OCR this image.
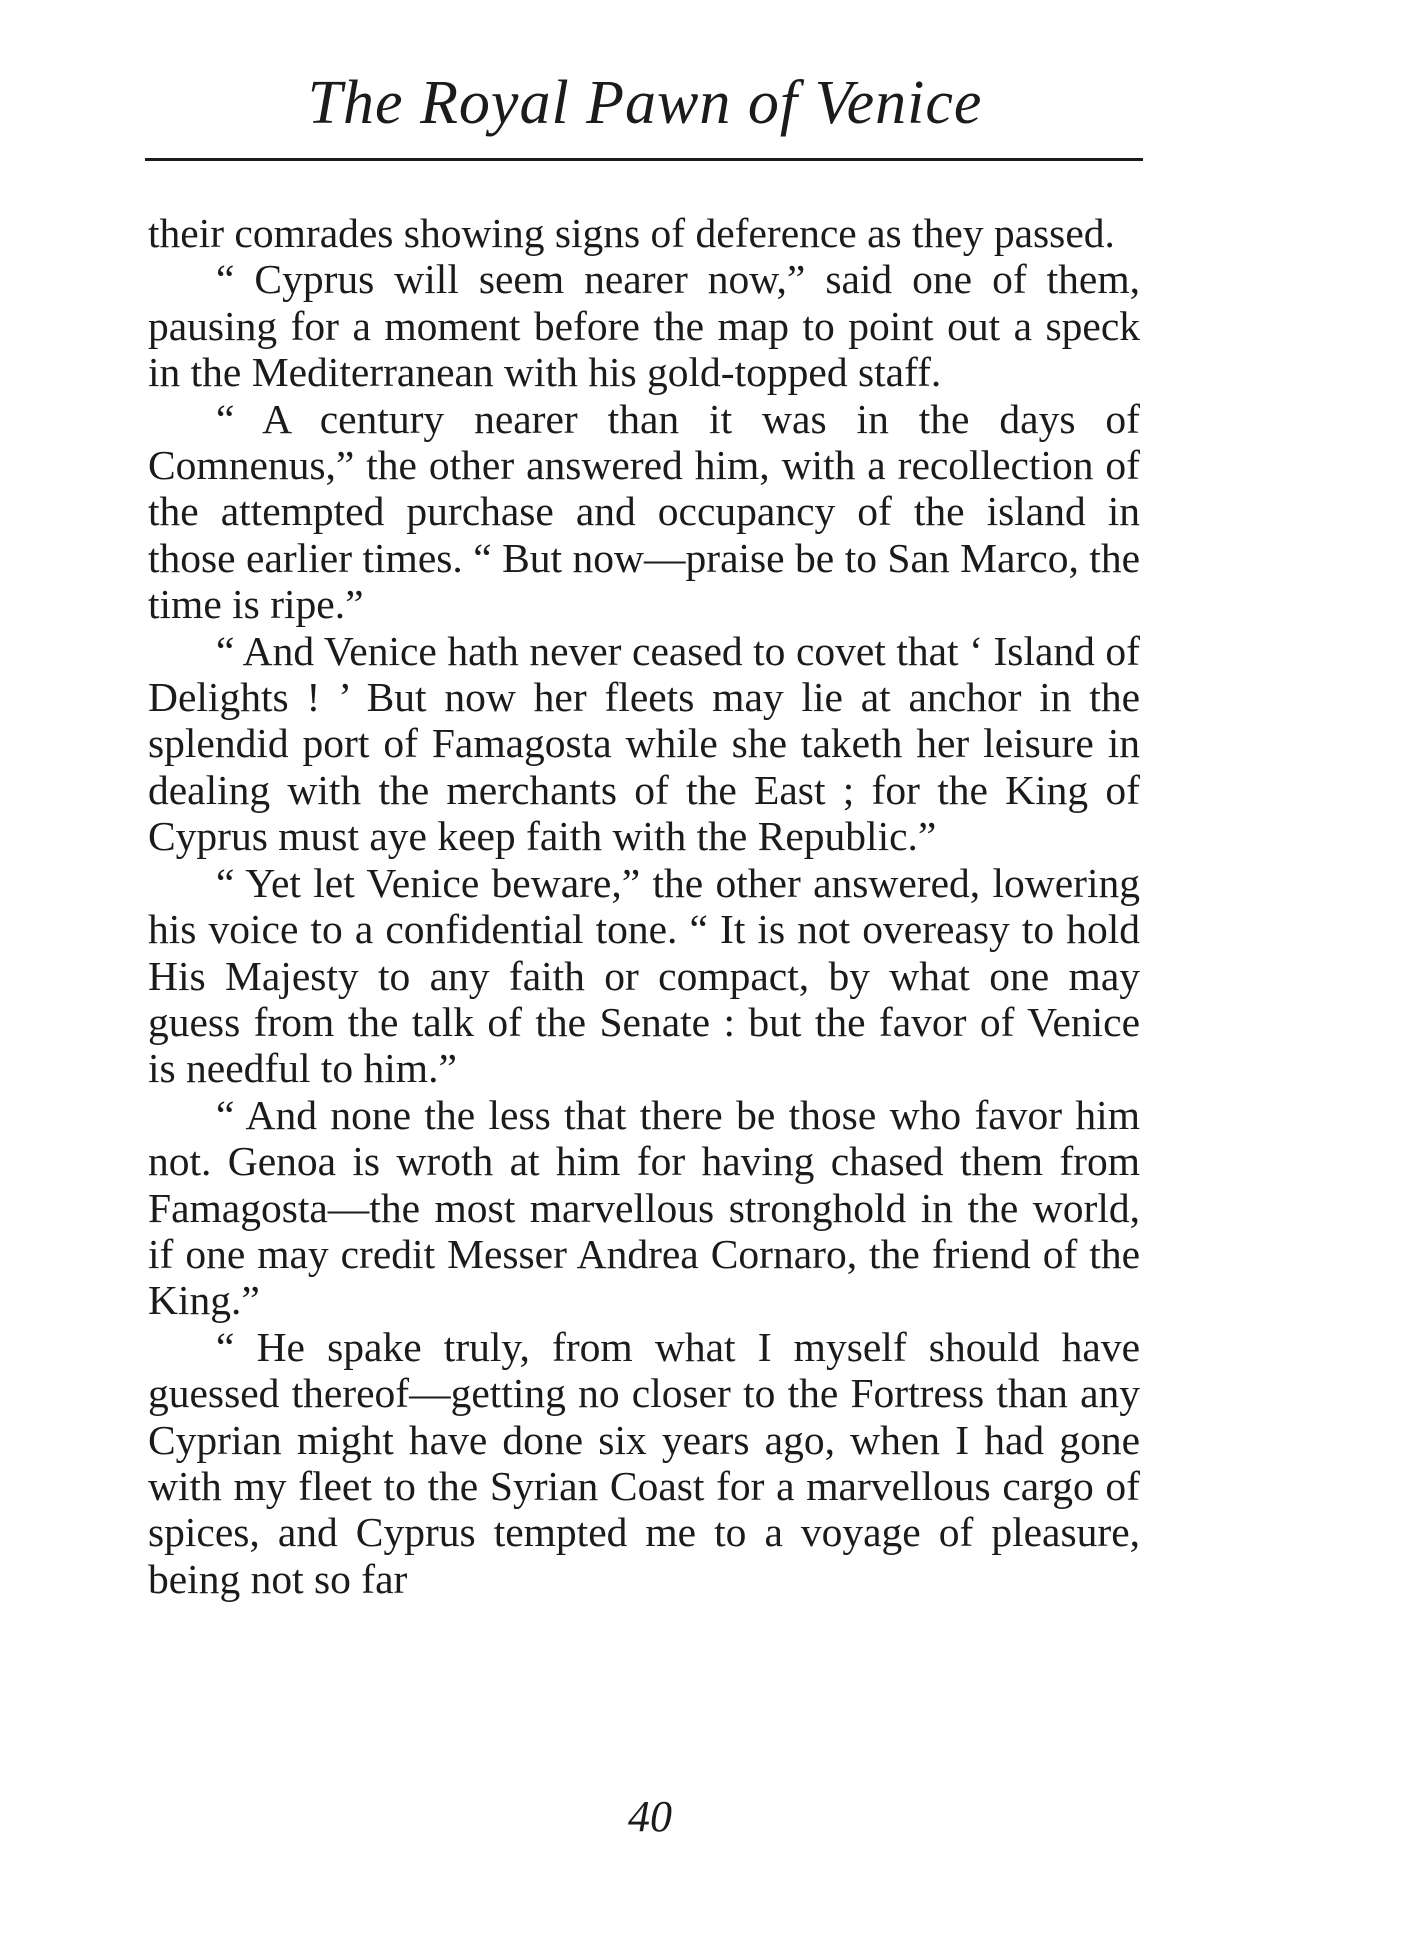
The Royal Pawn of Venice

their comrades showing signs of deference as they passed.

“ Cyprus will seem nearer now,” said one of them, pausing for a moment before the map to point out a speck in the Mediterranean with his gold-topped staff.

“ A century nearer than it was in the days of Comnenus,” the other answered him, with a recollection of the attempted purchase and occupancy of the island in those earlier times. “ But now—praise be to San Marco, the time is ripe.”

“ And Venice hath never ceased to covet that ‘ Island of Delights ! ’ But now her fleets may lie at anchor in the splendid port of Famagosta while she taketh her leisure in dealing with the merchants of the East ; for the King of Cyprus must aye keep faith with the Republic.”

“ Yet let Venice beware,” the other answered, lowering his voice to a confidential tone. “ It is not overeasy to hold His Majesty to any faith or compact, by what one may guess from the talk of the Senate : but the favor of Venice is needful to him.”

“ And none the less that there be those who favor him not. Genoa is wroth at him for having chased them from Famagosta—the most marvellous stronghold in the world, if one may credit Messer Andrea Cornaro, the friend of the King.”

“ He spake truly, from what I myself should have guessed thereof—getting no closer to the Fortress than any Cyprian might have done six years ago, when I had gone with my fleet to the Syrian Coast for a marvellous cargo of spices, and Cyprus tempted me to a voyage of pleasure, being not so far

40
